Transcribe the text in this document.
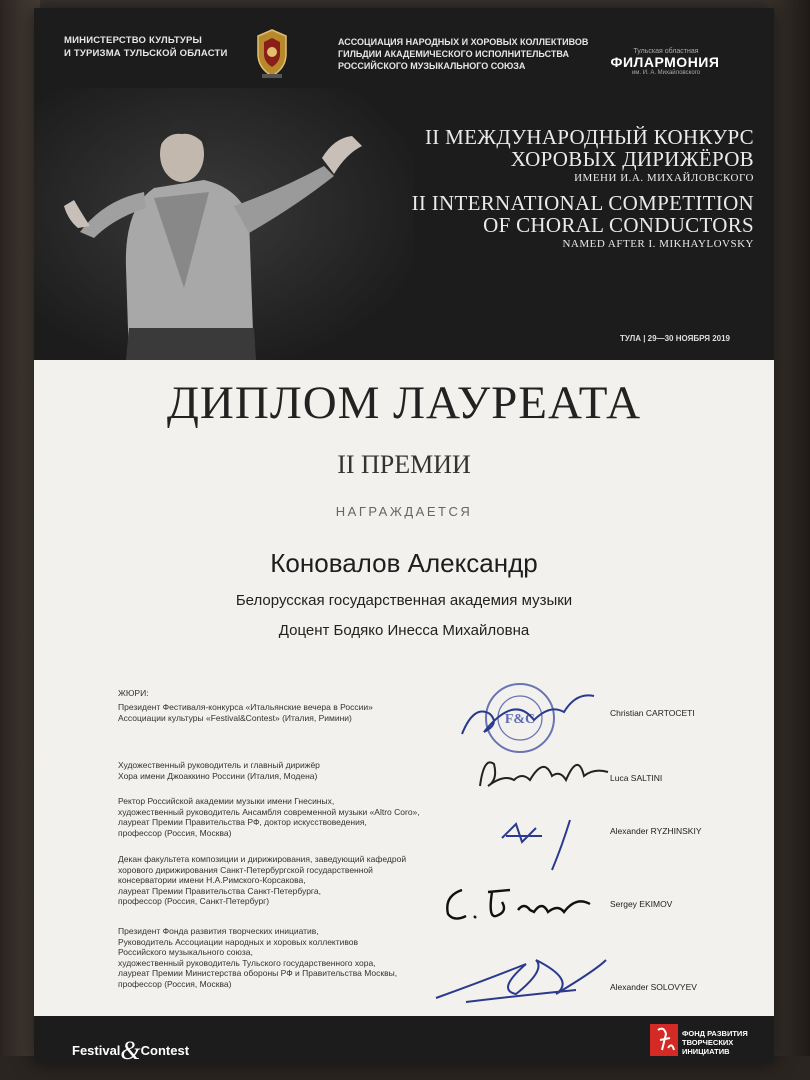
МИНИСТЕРСТВО КУЛЬТУРЫ
И ТУРИЗМА ТУЛЬСКОЙ ОБЛАСТИ
АССОЦИАЦИЯ НАРОДНЫХ И ХОРОВЫХ КОЛЛЕКТИВОВ
ГИЛЬДИИ АКАДЕМИЧЕСКОГО ИСПОЛНИТЕЛЬСТВА
РОССИЙСКОГО МУЗЫКАЛЬНОГО СОЮЗА
Тульская областная
ФИЛАРМОНИЯ
им. И. А. Михайловского
II МЕЖДУНАРОДНЫЙ КОНКУРС
ХОРОВЫХ ДИРИЖЁРОВ
ИМЕНИ И.А. МИХАЙЛОВСКОГО
II INTERNATIONAL COMPETITION
OF CHORAL CONDUCTORS
NAMED AFTER I. MIKHAYLOVSKY
ТУЛА | 29—30 НОЯБРЯ 2019
ДИПЛОМ ЛАУРЕАТА
II ПРЕМИИ
НАГРАЖДАЕТСЯ
Коновалов Александр
Белорусская государственная академия музыки
Доцент Бодяко Инесса Михайловна
ЖЮРИ:
Президент Фестиваля-конкурса «Итальянские вечера в России»
Ассоциации культуры «Festival&Contest» (Италия, Римини)	Christian CARTOCETI
Художественный руководитель и главный дирижёр
Хора имени Джоаккино Россини (Италия, Модена)	Luca SALTINI
Ректор Российской академии музыки имени Гнесиных,
художественный руководитель Ансамбля современной музыки «Altro Coro»,
лауреат Премии Правительства РФ, доктор искусствоведения,
профессор (Россия, Москва)	Alexander RYZHINSKIY
Декан факультета композиции и дирижирования, заведующий кафедрой
хорового дирижирования Санкт-Петербургской государственной
консерватории имени Н.А.Римского-Корсакова,
лауреат Премии Правительства Санкт-Петербурга,
профессор (Россия, Санкт-Петербург)	Sergey EKIMOV
Президент Фонда развития творческих инициатив,
Руководитель Ассоциации народных и хоровых коллективов
Российского музыкального союза,
художественный руководитель Тульского государственного хора,
лауреат Премии Министерства обороны РФ и Правительства Москвы,
профессор (Россия, Москва)	Alexander SOLOVYEV
F&C
Festival&Contest
ФОНД РАЗВИТИЯ
ТВОРЧЕСКИХ
ИНИЦИАТИВ
